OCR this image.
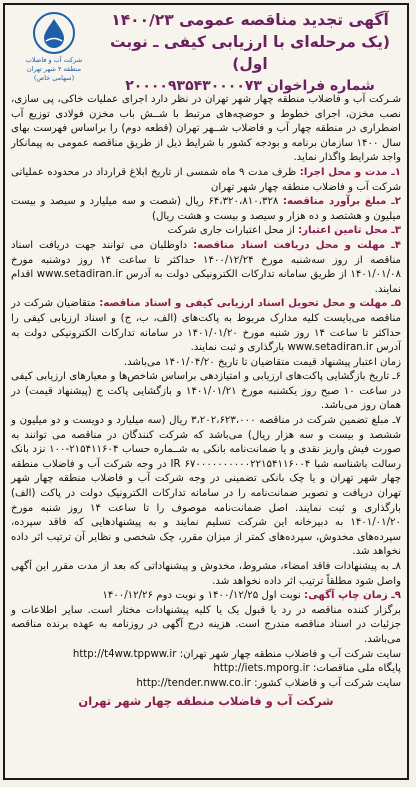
شرکت آب و فاضلاب
منطقه ۴ شهر تهران
(سهامی خاص)
آگهی تجدید مناقصه عمومی ۱۴۰۰/۲۳
(یک مرحله‌ای با ارزیابی کیفی ـ نوبت اول)
شماره فراخوان ۲۰۰۰۰۹۳۵۴۳۰۰۰۰۷۳

شـرکت آب و فاضلاب منطقه چهار شهر تهران در نظر دارد اجرای عملیات خاکی، پی سازی، نصب مخزن، اجرای خطوط و حوضچه‌های مرتبط با شــش باب مخزن فولادی توزیع آب اضطراری در منطقه چهار آب و فاضلاب شــهر تهران (قطعه دوم) را براساس فهرست بهای سال ۱۴۰۰ سازمان برنامه و بودجه کشور با شرایط ذیل از طریق مناقصه عمومی به پیمانکار واجد شرایط واگذار نماید.

۱ـ مدت و محل اجرا: ظرف مدت ۹ ماه شمسی از تاریخ ابلاغ قرارداد در محدوده عملیاتی شرکت آب و فاضلاب منطقه چهار شهر تهران

۲ـ مبلغ برآورد مناقصه: ۶۴،۳۲۰،۸۱۰،۳۲۸ ریال (شصت و سه میلیارد و سیصد و بیست میلیون و هشتصد و ده هزار و سیصد و بیست و هشت ریال)

۳ـ محل تامین اعتبار: از محل اعتبارات جاری شرکت

۴ـ مهلت و محل دریافت اسناد مناقصه: داوطلبان می توانند جهت دریافت اسناد مناقصه از روز سه‌شنبه مورخ ۱۴۰۰/۱۲/۲۴ حداکثر تا ساعت ۱۴ روز دوشنبه مورخ ۱۴۰۱/۰۱/۰۸ از طریق سامانه تدارکات الکترونیکی دولت به آدرس www.setadiran.ir اقدام نمایند.

۵ـ مهلت و محل تحویل اسناد ارزیابی کیفی و اسناد مناقصه: متقاضیان شرکت در مناقصه می‌بایست کلیه مدارک مربوط به پاکت‌های (الف، ب، ج) و اسناد ارزیابی کیفی را حداکثر تا ساعت ۱۴ روز شنبه مورخ ۱۴۰۱/۰۱/۲۰ در سامانه تدارکات الکترونیکی دولت به آدرس www.setadiran.ir بارگذاری و ثبت نمایند.

زمان اعتبار پیشنهاد قیمت متقاضیان تا تاریخ ۱۴۰۱/۰۴/۲۰ می‌باشد.

۶ـ تاریخ بازگشایی پاکت‌های ارزیابی و امتیازدهی براساس شاخص‌ها و معیارهای ارزیابی کیفی در ساعت ۱۰ صبح روز یکشنبه مورخ ۱۴۰۱/۰۱/۲۱ و بازگشایی پاکت ج (پیشنهاد قیمت) در همان روز می‌باشد.

۷ـ مبلغ تضمین شرکت در مناقصه ۳،۲۰۲،۶۲۳،۰۰۰ ریال (سه میلیارد و دویست و دو میلیون و ششصد و بیست و سه هزار ریال) می‌باشد که شرکت کنندگان در مناقصه می توانند به صورت فیش واریز نقدی و یا ضمانت‌نامه بانکی به شــماره حساب ۲۱۵۴۱۱۶۰۴-۱۰۰ نزد بانک رسالت باشناسه شبا IR ۶۷۰۰۰۰۰۰۰۰۰۰۲۲۱۵۴۱۱۶۰۰۴ در وجه شرکت آب و فاضلاب منطقه چهار شهر تهران و یا چک بانکی تضمینی در وجه شرکت آب و فاضلاب منطقه چهار شهر تهران دریافت و تصویر ضمانت‌نامه را در سامانه تدارکات الکترونیک دولت در پاکت (الف) بارگذاری و ثبت نمایند. اصل ضمانت‌نامه موصوف را تا ساعت ۱۴ روز شنبه مورخ ۱۴۰۱/۰۱/۲۰ به دبیرخانه این شرکت تسلیم نمایند و به پیشنهادهایی که فاقد سپرده، سپرده‌های مخدوش، سپرده‌های کمتر از میزان مقرر، چک شخصی و نظایر آن ترتیب اثر داده نخواهد شد.

۸ـ به پیشنهادات فاقد امضاء، مشروط، مخدوش و پیشنهاداتی که بعد از مدت مقرر این آگهی واصل شود مطلقاً ترتیب اثر داده نخواهد شد.

۹ـ زمان چاپ آگهی: نوبت اول ۱۴۰۰/۱۲/۲۵ و نوبت دوم ۱۴۰۰/۱۲/۲۶

برگزار کننده مناقصه در رد یا قبول یک یا کلیه پیشنهادات مختار است. سایر اطلاعات و جزئیات در اسناد مناقصه مندرج است. هزینه درج آگهی در روزنامه به عهده برنده مناقصه می‌باشد.

سایت شرکت آب و فاضلاب منطقه چهار شهر تهران: http://t4ww.tppww.ir

پایگاه ملی مناقصات: http://iets.mporg.ir

سایت شرکت آب و فاضلاب کشور: http://tender.nww.co.ir

شرکت آب و فاضلاب منطقه چهار شهر تهران
